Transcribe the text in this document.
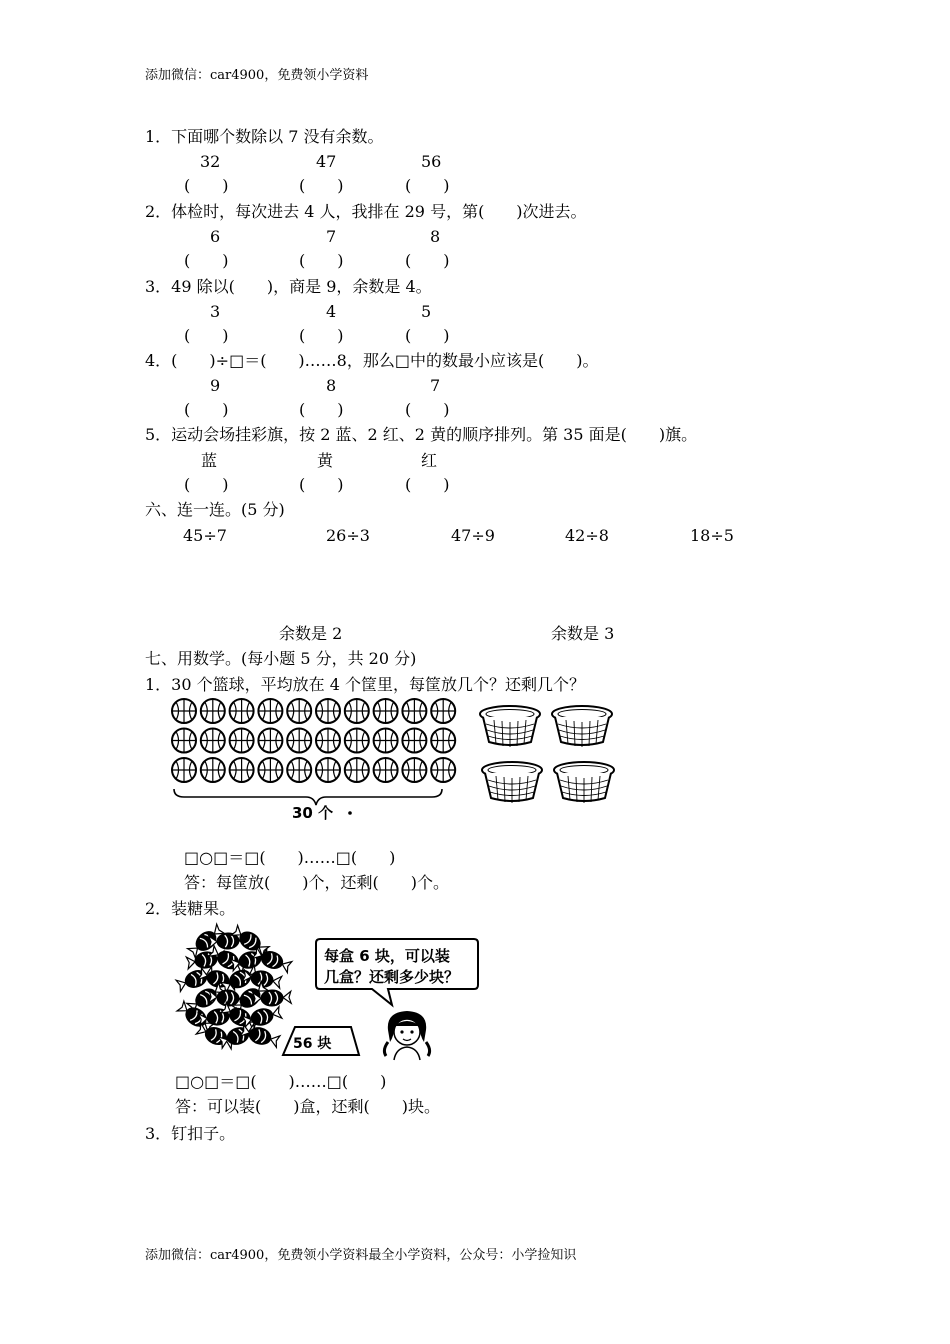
添加微信：car4900，免费领小学资料
1．下面哪个数除以 7 没有余数。
32	47	56
(　　)	(　　)	(　　)
2．体检时，每次进去 4 人，我排在 29 号，第(　　)次进去。
6	7	8
(　　)	(　　)	(　　)
3．49 除以(　　)，商是 9，余数是 4。
3	4	5
(　　)	(　　)	(　　)
4．(　　)÷□＝(　　)……8，那么□中的数最小应该是(　　)。
9	8	7
(　　)	(　　)	(　　)
5．运动会场挂彩旗，按 2 蓝、2 红、2 黄的顺序排列。第 35 面是(　　)旗。
蓝	黄	红
(　　)	(　　)	(　　)
六、连一连。(5 分)
45÷7	26÷3	47÷9	42÷8	18÷5
余数是 2	余数是 3
七、用数学。(每小题 5 分，共 20 分)
1．30 个篮球，平均放在 4 个筐里，每筐放几个？还剩几个？
30 个
□○□＝□(　　)……□(　　)
答：每筐放(　　)个，还剩(　　)个。
2．装糖果。
56 块
每盒 6 块，可以装
几盒？还剩多少块？
□○□＝□(　　)……□(　　)
答：可以装(　　)盒，还剩(　　)块。
3．钉扣子。
添加微信：car4900，免费领小学资料最全小学资料，公众号：小学捡知识
